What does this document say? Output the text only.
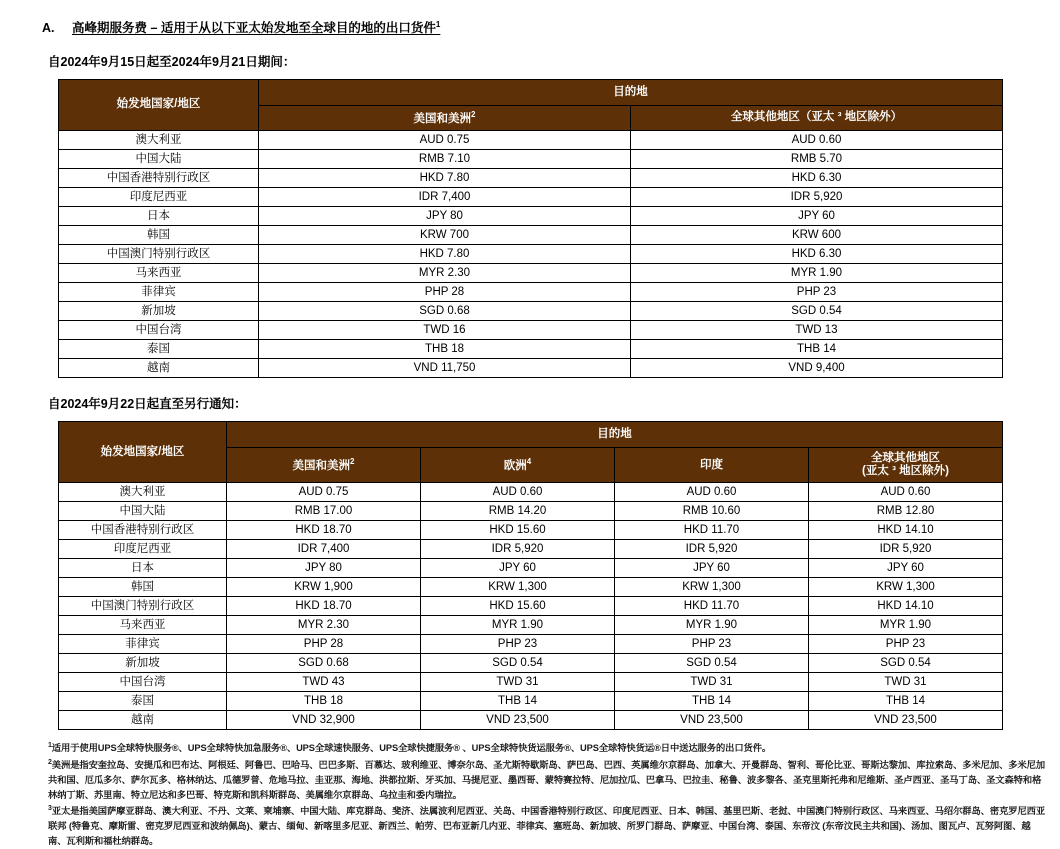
A.	高峰期服务费 – 适用于从以下亚太始发地至全球目的地的出口货件$^1$
自2024年9月15日起至2024年9月21日期间：
始发地国家/地区	目的地	
	美国和美洲$^2$	全球其他地区（亚太 ³ 地区除外）
澳大利亚	AUD 0.75	AUD 0.60
中国大陆	RMB 7.10	RMB 5.70
中国香港特别行政区	HKD 7.80	HKD 6.30
印度尼西亚	IDR 7,400	IDR 5,920
日本	JPY 80	JPY 60
韩国	KRW 700	KRW 600
中国澳门特别行政区	HKD 7.80	HKD 6.30
马来西亚	MYR 2.30	MYR 1.90
菲律宾	PHP 28	PHP 23
新加坡	SGD 0.68	SGD 0.54
中国台湾	TWD 16	TWD 13
泰国	THB 18	THB 14
越南	VND 11,750	VND 9,400
自2024年9月22日起直至另行通知：
始发地国家/地区	目的地			
	美国和美洲$^2$	欧洲$^4$	印度	全球其他地区
(亚太 ³ 地区除外)
澳大利亚	AUD 0.75	AUD 0.60	AUD 0.60	AUD 0.60
中国大陆	RMB 17.00	RMB 14.20	RMB 10.60	RMB 12.80
中国香港特别行政区	HKD 18.70	HKD 15.60	HKD 11.70	HKD 14.10
印度尼西亚	IDR 7,400	IDR 5,920	IDR 5,920	IDR 5,920
日本	JPY 80	JPY 60	JPY 60	JPY 60
韩国	KRW 1,900	KRW 1,300	KRW 1,300	KRW 1,300
中国澳门特别行政区	HKD 18.70	HKD 15.60	HKD 11.70	HKD 14.10
马来西亚	MYR 2.30	MYR 1.90	MYR 1.90	MYR 1.90
菲律宾	PHP 28	PHP 23	PHP 23	PHP 23
新加坡	SGD 0.68	SGD 0.54	SGD 0.54	SGD 0.54
中国台湾	TWD 43	TWD 31	TWD 31	TWD 31
泰国	THB 18	THB 14	THB 14	THB 14
越南	VND 32,900	VND 23,500	VND 23,500	VND 23,500

$^1$适用于使用UPS全球特快服务®、UPS全球特快加急服务®、UPS全球速快服务、UPS全球快捷服务® 、UPS全球特快货运服务®、UPS全球特快货运®日中送达服务的出口货件。

$^2$美洲是指安奎拉岛、安提瓜和巴布达、阿根廷、阿鲁巴、巴哈马、巴巴多斯、百慕达、玻利维亚、博奈尔岛、圣尤斯特歇斯岛、萨巴岛、巴西、英属维尔京群岛、加拿大、开曼群岛、智利、哥伦比亚、哥斯达黎加、库拉索岛、多米尼加、多米尼加共和国、厄瓜多尔、萨尔瓦多、格林纳达、瓜德罗普、危地马拉、圭亚那、海地、洪都拉斯、牙买加、马提尼亚、墨西哥、蒙特赛拉特、尼加拉瓜、巴拿马、巴拉圭、秘鲁、波多黎各、圣克里斯托弗和尼维斯、圣卢西亚、圣马丁岛、圣文森特和格林纳丁斯、苏里南、特立尼达和多巴哥、特克斯和凯科斯群岛、美属维尔京群岛、乌拉圭和委内瑞拉。

$^3$亚太是指美国萨摩亚群岛、澳大利亚、不丹、文莱、柬埔寨、中国大陆、库克群岛、斐济、法属波利尼西亚、关岛、中国香港特别行政区、印度尼西亚、日本、韩国、基里巴斯、老挝、中国澳门特别行政区、马来西亚、马绍尔群岛、密克罗尼西亚联邦 (特鲁克、摩斯雷、密克罗尼西亚和波纳佩岛)、蒙古、缅甸、新喀里多尼亚、新西兰、帕劳、巴布亚新几内亚、菲律宾、塞班岛、新加坡、所罗门群岛、萨摩亚、中国台湾、泰国、东帝汶 (东帝汶民主共和国)、汤加、图瓦卢、瓦努阿图、越南、瓦利斯和福杜纳群岛。
